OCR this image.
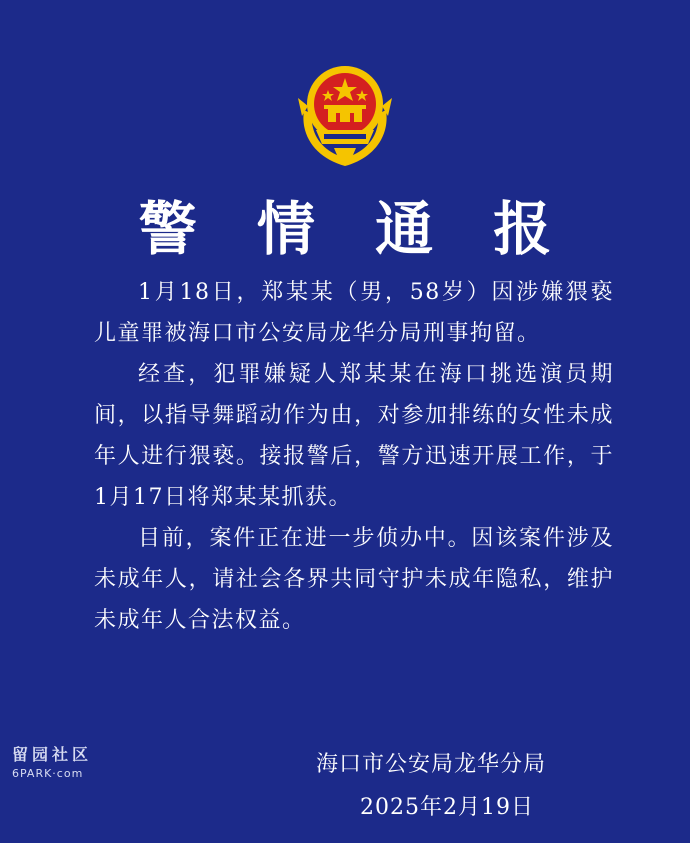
警 情 通 报

1月18日，郑某某（男，58岁）因涉嫌猥亵儿童罪被海口市公安局龙华分局刑事拘留。

经查，犯罪嫌疑人郑某某在海口挑选演员期间，以指导舞蹈动作为由，对参加排练的女性未成年人进行猥亵。接报警后，警方迅速开展工作，于1月17日将郑某某抓获。

目前，案件正在进一步侦办中。因该案件涉及未成年人，请社会各界共同守护未成年隐私，维护未成年人合法权益。

留园社区
6PARK·com	海口市公安局龙华分局
2025年2月19日
